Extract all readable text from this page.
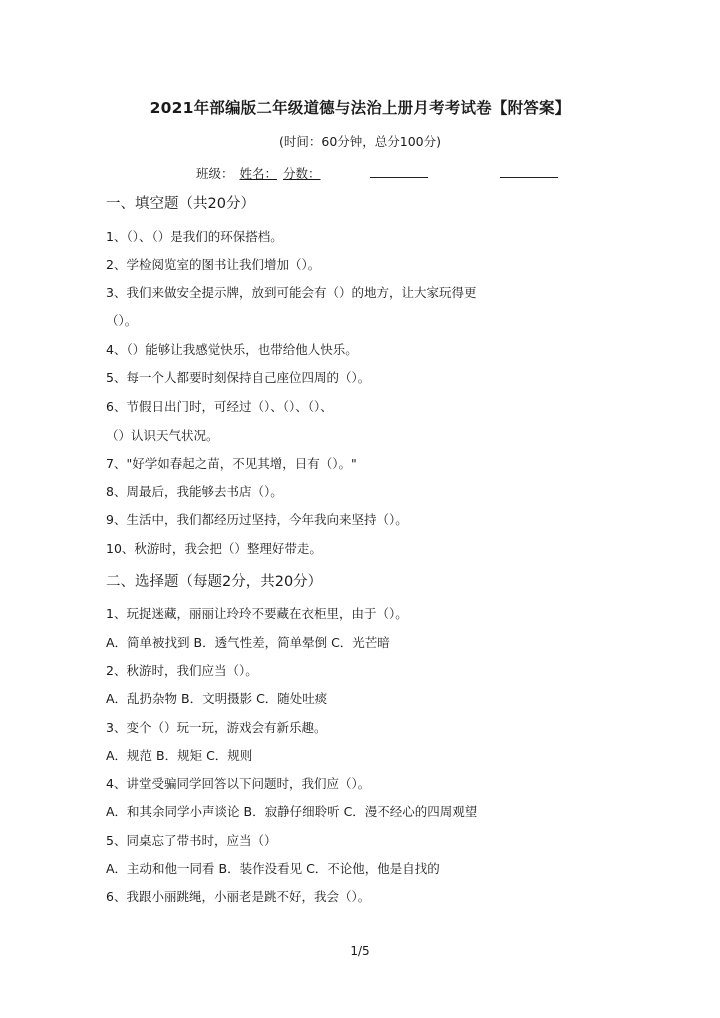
2021年部编版二年级道德与法治上册月考考试卷【附答案】
(时间：60分钟，总分100分)
班级： 姓名： 分数：
一、填空题（共20分）
1、（）、（）是我们的环保搭档。
2、学检阅览室的图书让我们增加（）。
3、我们来做安全提示牌，放到可能会有（）的地方，让大家玩得更
（）。
4、（）能够让我感觉快乐，也带给他人快乐。
5、每一个人都要时刻保持自己座位四周的（）。
6、节假日出门时，可经过（）、（）、（）、
（）认识天气状况。
7、"好学如春起之苗，不见其增，日有（）。"
8、周最后，我能够去书店（）。
9、生活中，我们都经历过坚持，今年我向来坚持（）。
10、秋游时，我会把（）整理好带走。
二、选择题（每题2分，共20分）
1、玩捉迷藏，丽丽让玲玲不要藏在衣柜里，由于（）。
A．简单被找到 B．透气性差，简单晕倒 C．光芒暗
2、秋游时，我们应当（）。
A．乱扔杂物 B．文明摄影 C．随处吐痰
3、变个（）玩一玩，游戏会有新乐趣。
A．规范 B．规矩 C．规则
4、讲堂受骗同学回答以下问题时，我们应（）。
A．和其余同学小声谈论 B．寂静仔细聆听 C．漫不经心的四周观望
5、同桌忘了带书时，应当（）
A．主动和他一同看 B．装作没看见 C．不论他，他是自找的
6、我跟小丽跳绳，小丽老是跳不好，我会（）。
1/5
